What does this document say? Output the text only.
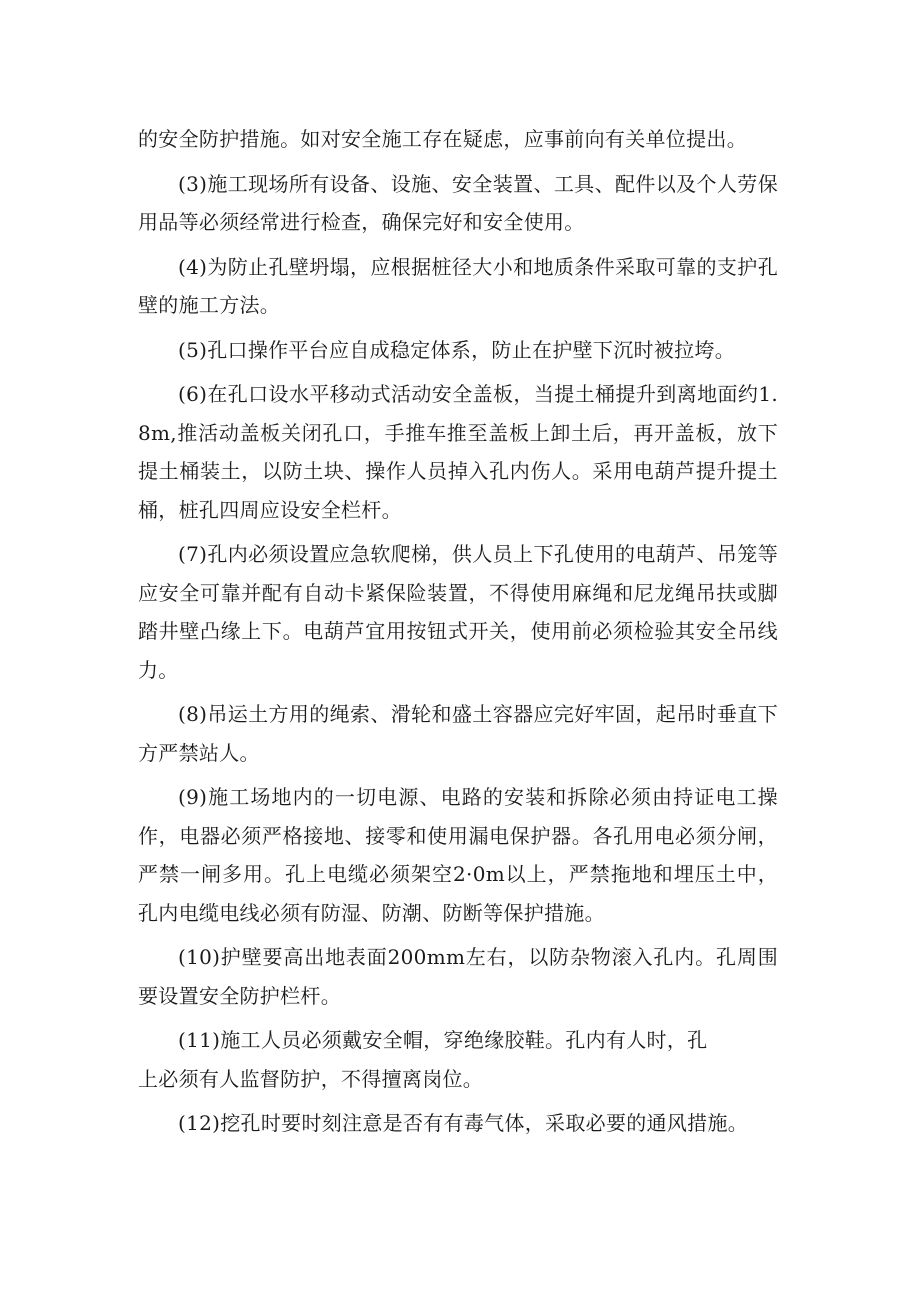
的安全防护措施。如对安全施工存在疑虑，应事前向有关单位提出。

(3)施工现场所有设备、设施、安全装置、工具、配件以及个人劳保用品等必须经常进行检查，确保完好和安全使用。

(4)为防止孔壁坍塌，应根据桩径大小和地质条件采取可靠的支护孔壁的施工方法。

(5)孔口操作平台应自成稳定体系，防止在护壁下沉时被拉垮。

(6)在孔口设水平移动式活动安全盖板，当提土桶提升到离地面约1.8m,推活动盖板关闭孔口，手推车推至盖板上卸土后，再开盖板，放下提土桶装土，以防土块、操作人员掉入孔内伤人。采用电葫芦提升提土桶，桩孔四周应设安全栏杆。

(7)孔内必须设置应急软爬梯，供人员上下孔使用的电葫芦、吊笼等应安全可靠并配有自动卡紧保险装置，不得使用麻绳和尼龙绳吊扶或脚踏井壁凸缘上下。电葫芦宜用按钮式开关，使用前必须检验其安全吊线力。

(8)吊运土方用的绳索、滑轮和盛土容器应完好牢固，起吊时垂直下方严禁站人。

(9)施工场地内的一切电源、电路的安装和拆除必须由持证电工操作，电器必须严格接地、接零和使用漏电保护器。各孔用电必须分闸，严禁一闸多用。孔上电缆必须架空2·0m以上，严禁拖地和埋压土中，孔内电缆电线必须有防湿、防潮、防断等保护措施。

(10)护壁要高出地表面200mm左右，以防杂物滚入孔内。孔周围要设置安全防护栏杆。

(11)施工人员必须戴安全帽，穿绝缘胶鞋。孔内有人时，孔上必须有人监督防护，不得擅离岗位。

(12)挖孔时要时刻注意是否有有毒气体，采取必要的通风措施。
